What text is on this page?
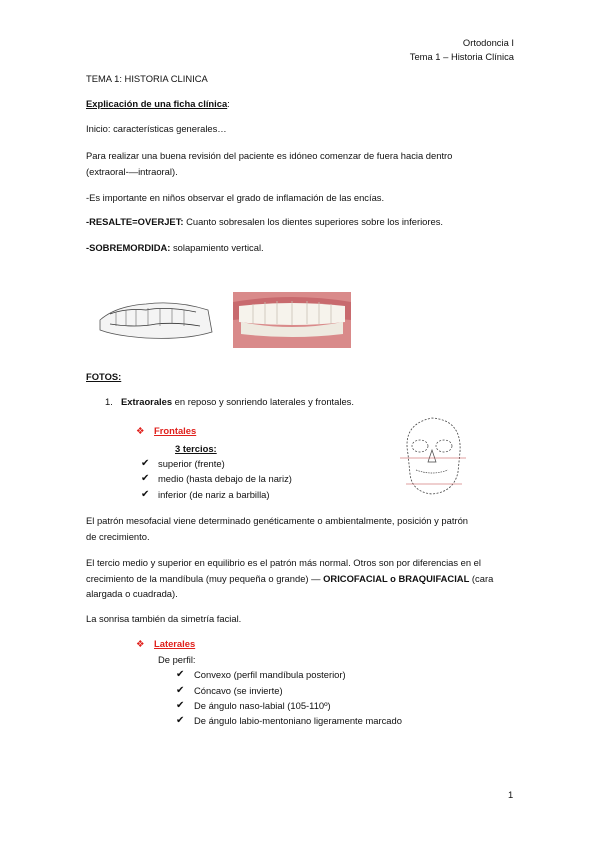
Ortodoncia I
Tema 1 – Historia Clínica
TEMA 1: HISTORIA CLINICA
Explicación de una ficha clínica:
Inicio: características generales…
Para realizar una buena revisión del paciente es idóneo comenzar de fuera hacia dentro
(extraoral-—intraoral).
-Es importante en niños observar el grado de inflamación de las encías.
-RESALTE=OVERJET: Cuanto sobresalen los dientes superiores sobre los inferiores.
-SOBREMORDIDA: solapamiento vertical.
FOTOS:
1. Extraorales en reposo y sonriendo laterales y frontales.
❖ Frontales
3 tercios:
✔ superior (frente)
✔ medio (hasta debajo de la nariz)
✔ inferior (de nariz a barbilla)
El patrón mesofacial viene determinado genéticamente o ambientalmente, posición y patrón
de crecimiento.
El tercio medio y superior en equilibrio es el patrón más normal. Otros son por diferencias en el
crecimiento de la mandíbula (muy pequeña o grande) — ORICOFACIAL o BRAQUIFACIAL (cara
alargada o cuadrada).
La sonrisa también da simetría facial.
❖ Laterales
De perfil:
✔ Convexo (perfil mandíbula posterior)
✔ Cóncavo (se invierte)
✔ De ángulo naso-labial (105-110º)
✔ De ángulo labio-mentoniano ligeramente marcado
1
